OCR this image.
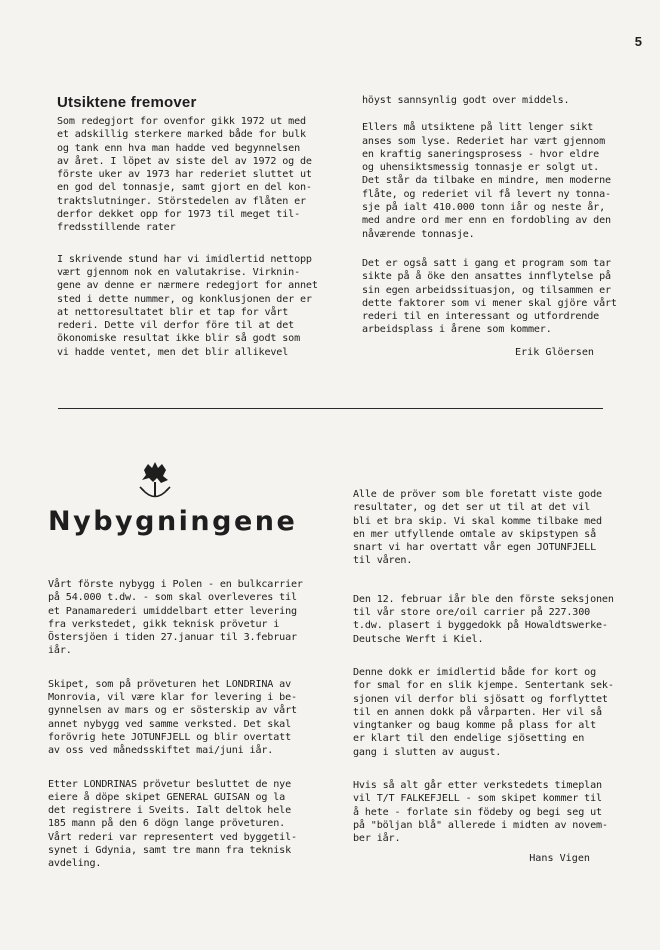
5
Utsiktene fremover

Som redegjort for ovenfor gikk 1972 ut med
et adskillig sterkere marked både for bulk
og tank enn hva man hadde ved begynnelsen
av året. I löpet av siste del av 1972 og de
förste uker av 1973 har rederiet sluttet ut
en god del tonnasje, samt gjort en del kon-
traktslutninger. Störstedelen av flåten er
derfor dekket opp for 1973 til meget til-
fredsstillende rater

I skrivende stund har vi imidlertid nettopp
vært gjennom nok en valutakrise. Virknin-
gene av denne er nærmere redegjort for annet
sted i dette nummer, og konklusjonen der er
at nettoresultatet blir et tap for vårt
rederi. Dette vil derfor före til at det
ökonomiske resultat ikke blir så godt som
vi hadde ventet, men det blir allikevel

höyst sannsynlig godt over middels.

Ellers må utsiktene på litt lenger sikt
anses som lyse. Rederiet har vært gjennom
en kraftig saneringsprosess - hvor eldre
og uhensiktsmessig tonnasje er solgt ut.
Det står da tilbake en mindre, men moderne
flåte, og rederiet vil få levert ny tonna-
sje på ialt 410.000 tonn iår og neste år,
med andre ord mer enn en fordobling av den
nåværende tonnasje.

Det er også satt i gang et program som tar
sikte på å öke den ansattes innflytelse på
sin egen arbeidssituasjon, og tilsammen er
dette faktorer som vi mener skal gjöre vårt
rederi til en interessant og utfordrende
arbeidsplass i årene som kommer.

Erik Glöersen

Nybygningene

Vårt förste nybygg i Polen - en bulkcarrier
på 54.000 t.dw. - som skal overleveres til
et Panamarederi umiddelbart etter levering
fra verkstedet, gikk teknisk prövetur i
Östersjöen i tiden 27.januar til 3.februar
iår.

Skipet, som på pröveturen het LONDRINA av
Monrovia, vil være klar for levering i be-
gynnelsen av mars og er sösterskip av vårt
annet nybygg ved samme verksted. Det skal
forövrig hete JOTUNFJELL og blir overtatt
av oss ved månedsskiftet mai/juni iår.

Etter LONDRINAS prövetur besluttet de nye
eiere å döpe skipet GENERAL GUISAN og la
det registrere i Sveits. Ialt deltok hele
185 mann på den 6 dögn lange pröveturen.
Vårt rederi var representert ved byggetil-
synet i Gdynia, samt tre mann fra teknisk
avdeling.

Alle de pröver som ble foretatt viste gode
resultater, og det ser ut til at det vil
bli et bra skip. Vi skal komme tilbake med
en mer utfyllende omtale av skipstypen så
snart vi har overtatt vår egen JOTUNFJELL
til våren.

Den 12. februar iår ble den förste seksjonen
til vår store ore/oil carrier på 227.300
t.dw. plasert i byggedokk på Howaldtswerke-
Deutsche Werft i Kiel.

Denne dokk er imidlertid både for kort og
for smal for en slik kjempe. Sentertank sek-
sjonen vil derfor bli sjösatt og forflyttet
til en annen dokk på vårparten. Her vil så
vingtanker og baug komme på plass for alt
er klart til den endelige sjösetting en
gang i slutten av august.

Hvis så alt går etter verkstedets timeplan
vil T/T FALKEFJELL - som skipet kommer til
å hete - forlate sin födeby og begi seg ut
på "böljan blå" allerede i midten av novem-
ber iår.

Hans Vigen
